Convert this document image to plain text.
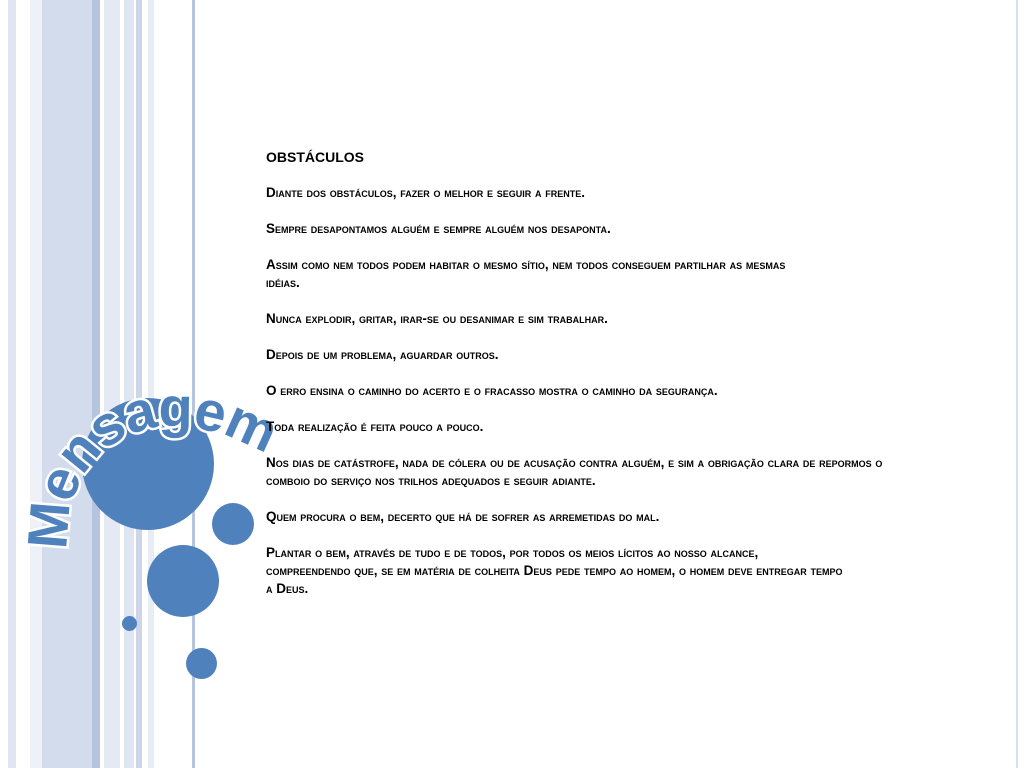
Mensagem

OBSTÁCULOS

Diante dos obstáculos, fazer o melhor e seguir a frente.

Sempre desapontamos alguém e sempre alguém nos desaponta.

Assim como nem todos podem habitar o mesmo sítio, nem todos conseguem partilhar as mesmas idéias.

Nunca explodir, gritar, irar-se ou desanimar e sim trabalhar.

Depois de um problema, aguardar outros.

O erro ensina o caminho do acerto e o fracasso mostra o caminho da segurança.

Toda realização é feita pouco a pouco.

Nos dias de catástrofe, nada de cólera ou de acusação contra alguém, e sim a obrigação clara de repormos o comboio do serviço nos trilhos adequados e seguir adiante.

Quem procura o bem, decerto que há de sofrer as arremetidas do mal.

Plantar o bem, através de tudo e de todos, por todos os meios lícitos ao nosso alcance, compreendendo que, se em matéria de colheita Deus pede tempo ao homem, o homem deve entregar tempo a Deus.
